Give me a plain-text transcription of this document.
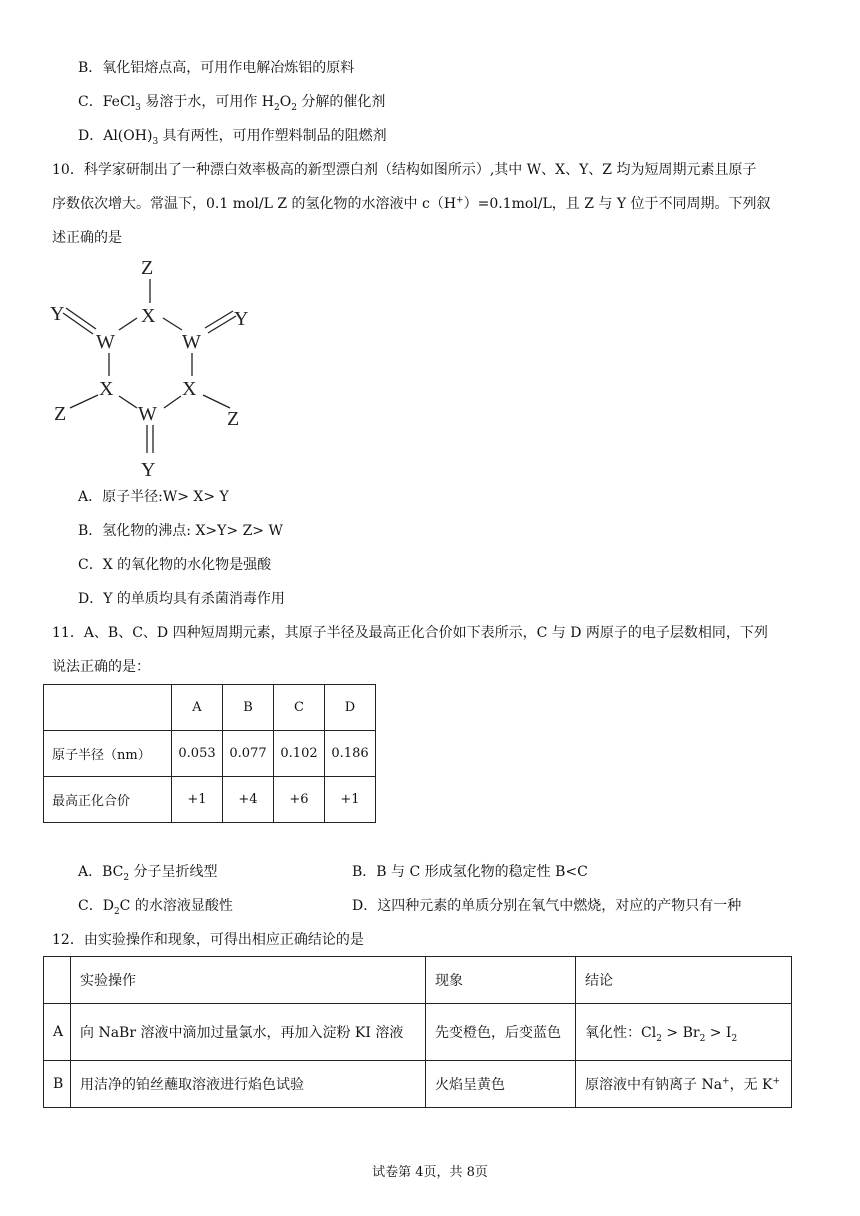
B．氧化铝熔点高，可用作电解冶炼铝的原料
C．FeCl$_3$ 易溶于水，可用作 $H_2O_2$ 分解的催化剂
D．$Al(OH)_3$ 具有两性，可用作塑料制品的阻燃剂
10．科学家研制出了一种漂白效率极高的新型漂白剂（结构如图所示）,其中 W、X、Y、Z 均为短周期元素且原子
序数依次增大。常温下，0.1 mol/L Z 的氢化物的水溶液中 c（H+）=0.1mol/L，且 Z 与 Y 位于不同周期。下列叙
述正确的是
Z
X
Y	Y
W	W
X	X
W
Z	Z
Y
A．原子半径:W> X> Y
B．氢化物的沸点: X>Y> Z> W
C．X 的氧化物的水化物是强酸
D．Y 的单质均具有杀菌消毒作用
11．A、B、C、D 四种短周期元素，其原子半径及最高正化合价如下表所示，C 与 D 两原子的电子层数相同，下列
说法正确的是：
	A	B	C	D
原子半径（nm）	0.053	0.077	0.102	0.186
最高正化合价	+1	+4	+6	+1
A．$BC_2$ 分子呈折线型	B．B 与 C 形成氢化物的稳定性 B<C
C．$D_2C$ 的水溶液显酸性	D．这四种元素的单质分别在氧气中燃烧，对应的产物只有一种
12．由实验操作和现象，可得出相应正确结论的是
	实验操作	现象	结论
A	向 NaBr 溶液中滴加过量氯水，再加入淀粉 KI 溶液	先变橙色，后变蓝色	氧化性：$Cl_2 > Br_2 > I_2$
B	用洁净的铂丝蘸取溶液进行焰色试验	火焰呈黄色	原溶液中有钠离子 Na+，无 K+
试卷第 4页，共 8页
